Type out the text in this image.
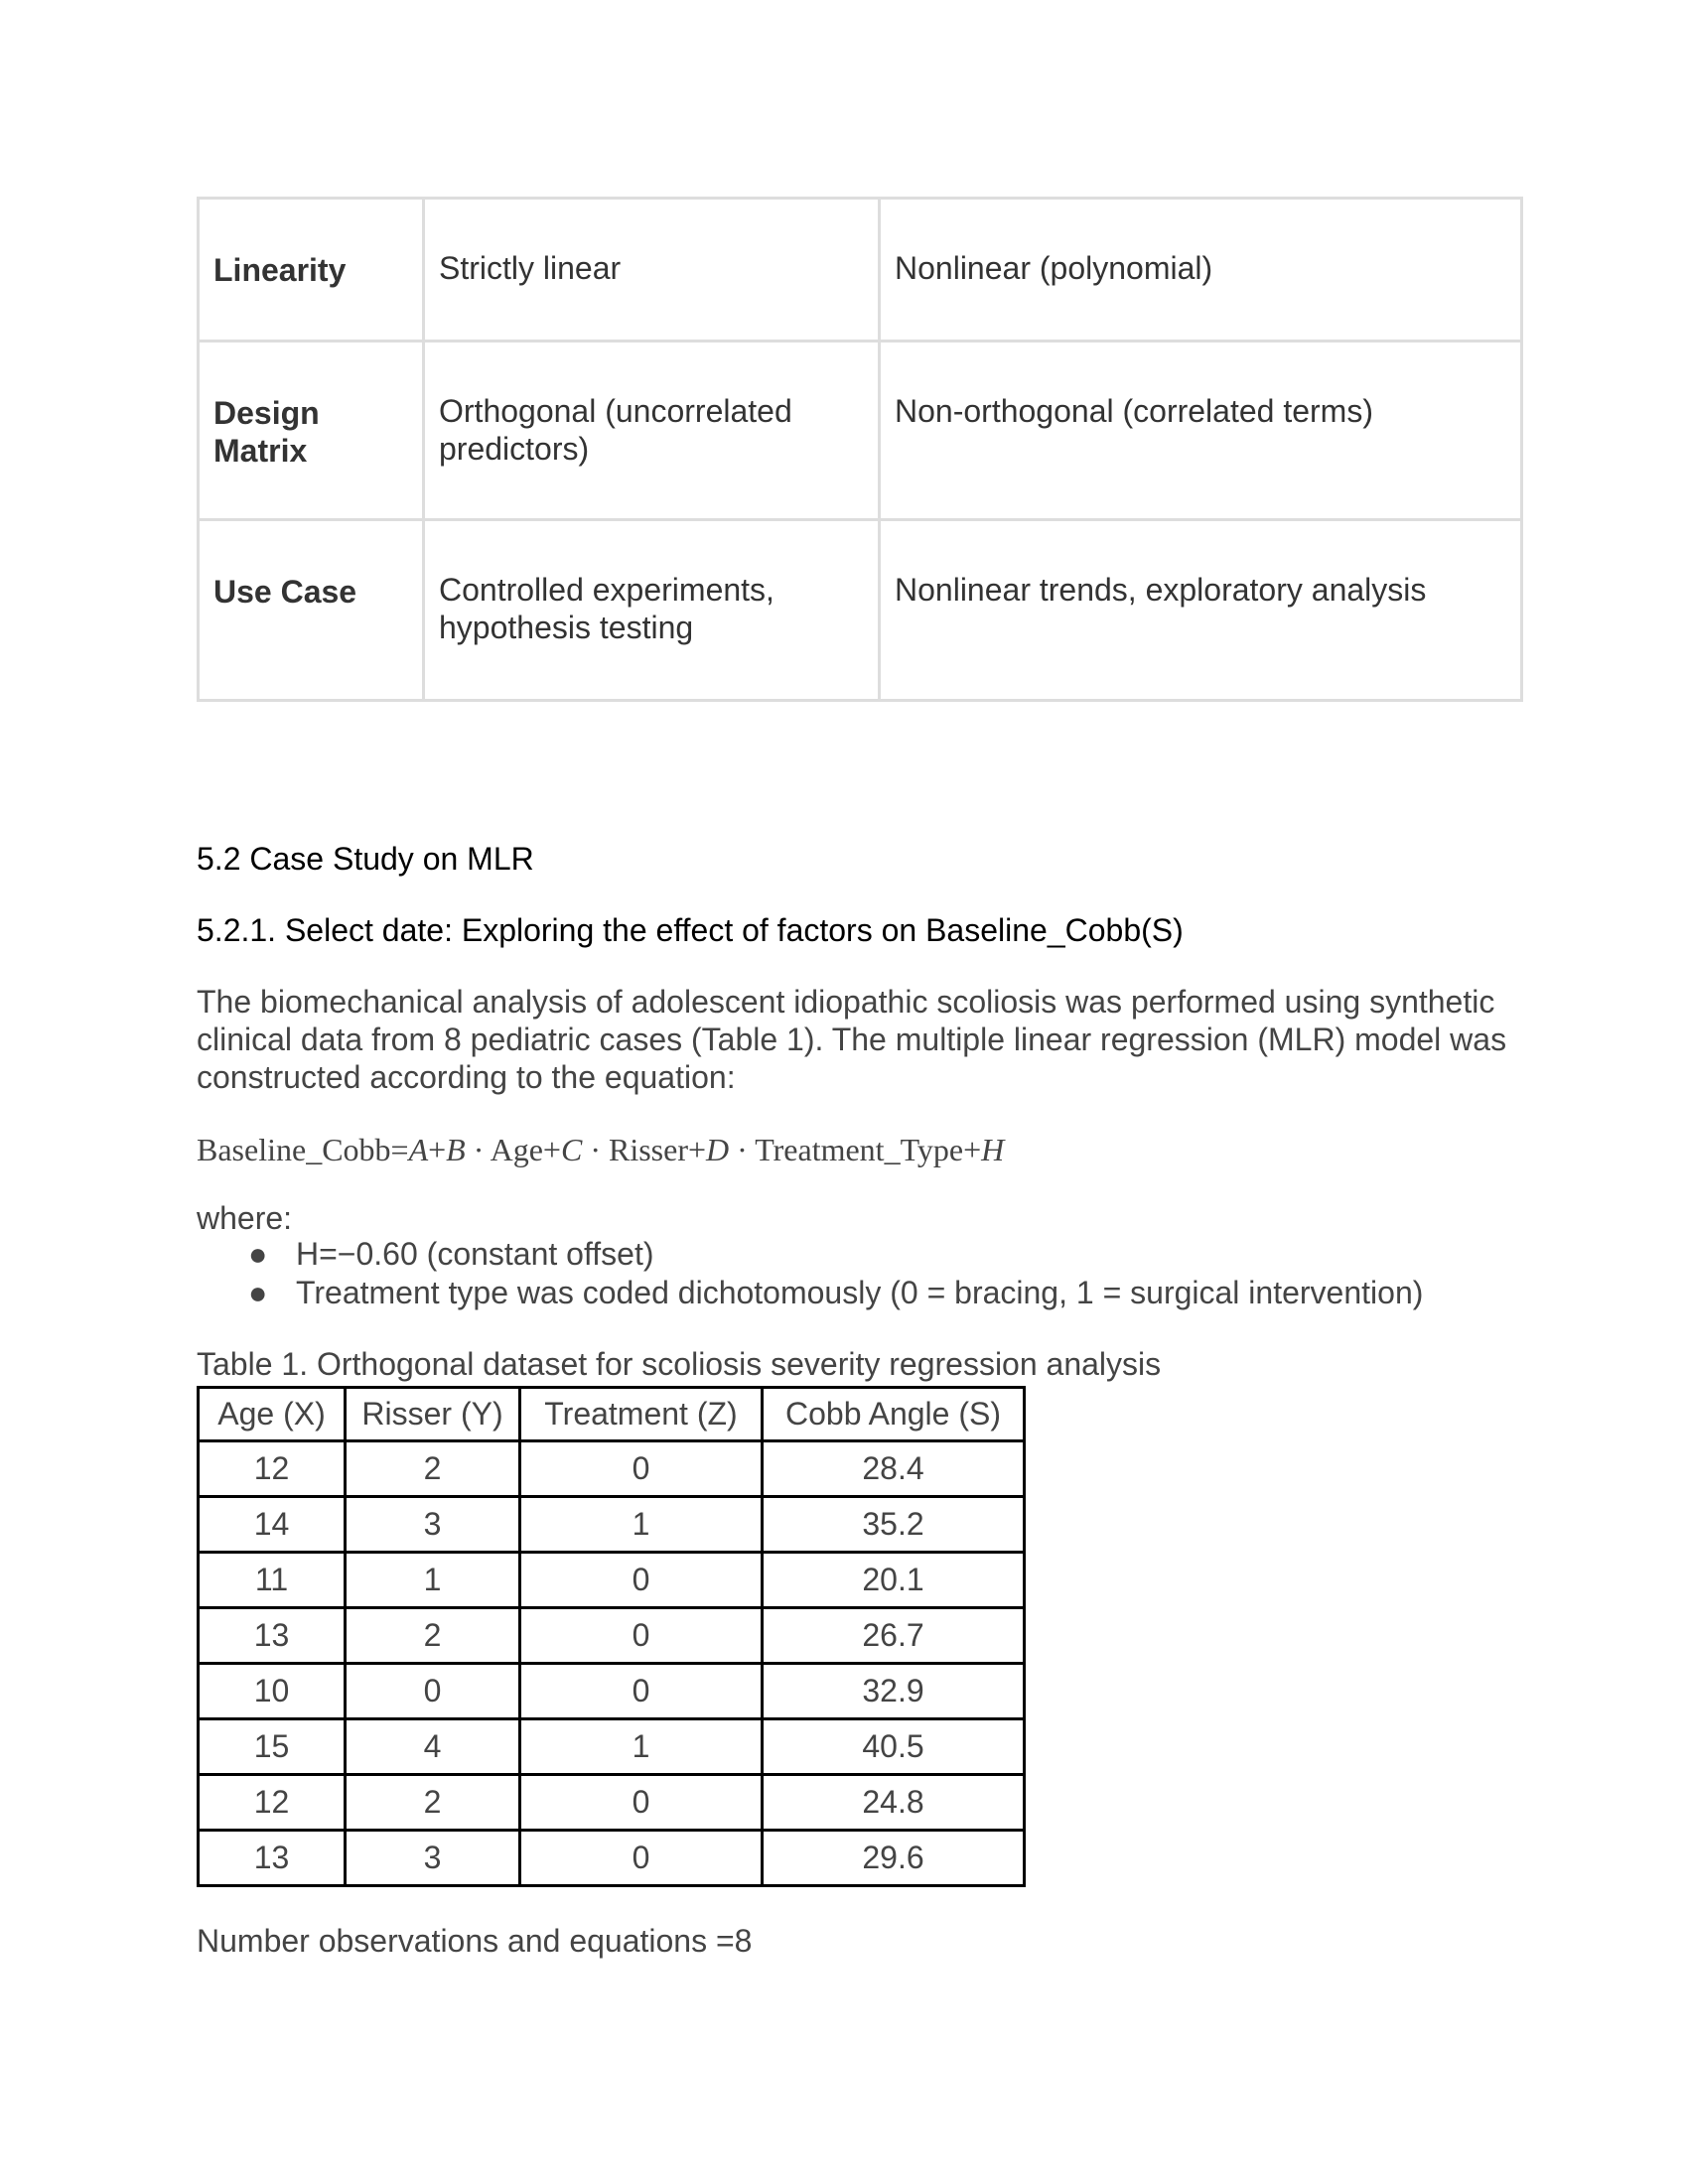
Linearity	Strictly linear	Nonlinear (polynomial)
Design Matrix	Orthogonal (uncorrelated predictors)	Non-orthogonal (correlated terms)
Use Case	Controlled experiments, hypothesis testing	Nonlinear trends, exploratory analysis
5.2 Case Study on MLR
5.2.1. Select date: Exploring the effect of factors on Baseline_Cobb(S)

The biomechanical analysis of adolescent idiopathic scoliosis was performed using synthetic clinical data from 8 pediatric cases (Table 1). The multiple linear regression (MLR) model was constructed according to the equation:

Baseline_Cobb=A+B · Age+C · Risser+D · Treatment_Type+H
where:
● H=−0.60 (constant offset)
● Treatment type was coded dichotomously (0 = bracing, 1 = surgical intervention)
Table 1. Orthogonal dataset for scoliosis severity regression analysis
Age (X)	Risser (Y)	Treatment (Z)	Cobb Angle (S)
12	2	0	28.4
14	3	1	35.2
11	1	0	20.1
13	2	0	26.7
10	0	0	32.9
15	4	1	40.5
12	2	0	24.8
13	3	0	29.6
Number observations and equations =8
